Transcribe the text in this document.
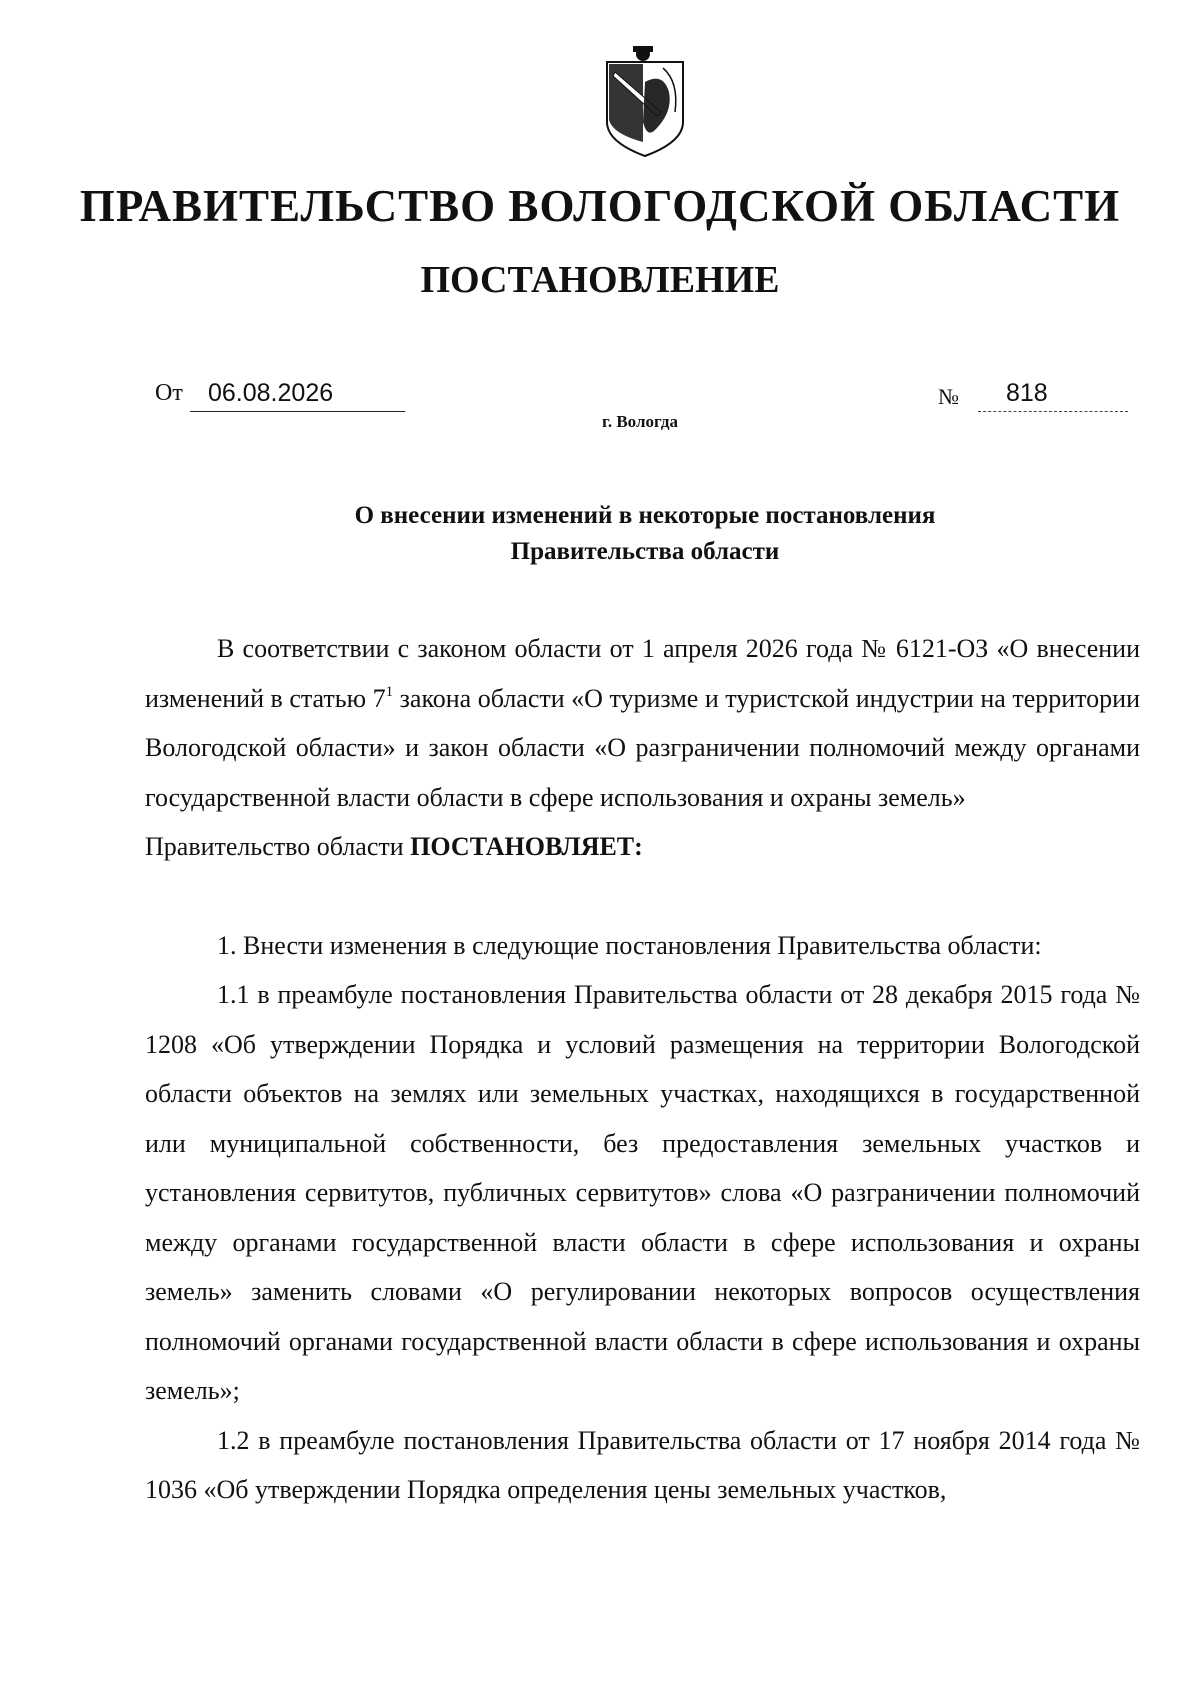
ПРАВИТЕЛЬСТВО ВОЛОГОДСКОЙ ОБЛАСТИ
ПОСТАНОВЛЕНИЕ
От	06.08.2026	№	818
г. Вологда
О внесении изменений в некоторые постановления
Правительства области

В соответствии с законом области от 1 апреля 2026 года № 6121-ОЗ «О внесении изменений в статью $7^1$ закона области «О туризме и туристской индустрии на территории Вологодской области» и закон области «О разграничении полномочий между органами государственной власти области в сфере использования и охраны земель»

Правительство области ПОСТАНОВЛЯЕТ:

1. Внести изменения в следующие постановления Правительства области:

1.1 в преамбуле постановления Правительства области от 28 декабря 2015 года № 1208 «Об утверждении Порядка и условий размещения на территории Вологодской области объектов на землях или земельных участках, находящихся в государственной или муниципальной собственности, без предоставления земельных участков и установления сервитутов, публичных сервитутов» слова «О разграничении полномочий между органами государственной власти области в сфере использования и охраны земель» заменить словами «О регулировании некоторых вопросов осуществления полномочий органами государственной власти области в сфере использования и охраны земель»;

1.2 в преамбуле постановления Правительства области от 17 ноября 2014 года № 1036 «Об утверждении Порядка определения цены земельных участков,
